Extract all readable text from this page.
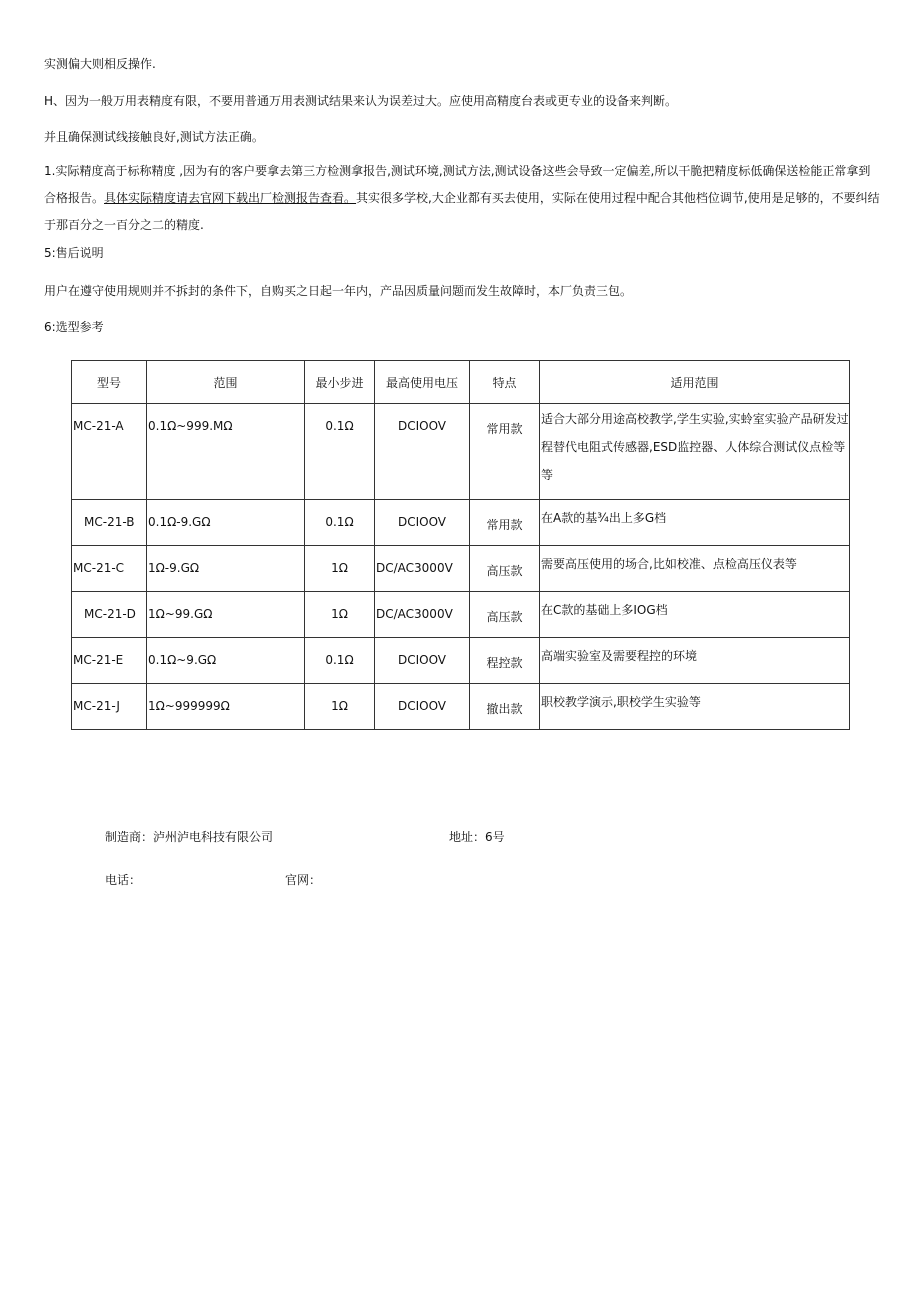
实测偏大则相反操作.

H、因为一般万用表精度有限，不要用普通万用表测试结果来认为误差过大。应使用高精度台表或更专业的设备来判断。

并且确保测试线接触良好,测试方法正确。

1.实际精度高于标称精度 ,因为有的客户要拿去第三方检测拿报告,测试环境,测试方法,测试设备这些会导致一定偏差,所以干脆把精度标低确保送检能正常拿到合格报告。具体实际精度请去官网下载出厂检测报告查看。其实很多学校,大企业都有买去使用，实际在使用过程中配合其他档位调节,使用是足够的，不要纠结于那百分之一百分之二的精度.

5:售后说明

用户在遵守使用规则并不拆封的条件下，自购买之日起一年内，产品因质量问题而发生故障时，本厂负责三包。

6:选型参考

型号	范围	最小步进	最高使用电压	特点	适用范围
MC-21-A	0.1Ω~999.MΩ	0.1Ω	DCIOOV	常用款	适合大部分用途高校教学,学生实验,实蛉室实验产品研发过程替代电阻式传感器,ESD监控器、人体综合测试仪点检等等
MC-21-B	0.1Ω-9.GΩ	0.1Ω	DCIOOV	常用款	在A款的基¾出上多G档
MC-21-C	1Ω-9.GΩ	1Ω	DC/AC3000V	高压款	需要高压使用的场合,比如校准、点检高压仪表等
MC-21-D	1Ω~99.GΩ	1Ω	DC/AC3000V	高压款	在C款的基础上多IOG档
MC-21-E	0.1Ω~9.GΩ	0.1Ω	DCIOOV	程控款	高端实验室及需要程控的环境
MC-21-J	1Ω~999999Ω	1Ω	DCIOOV	撤出款	职校教学演示,职校学生实验等

制造商：泸州泸电科技有限公司	地址：6号

电话：	官网：
